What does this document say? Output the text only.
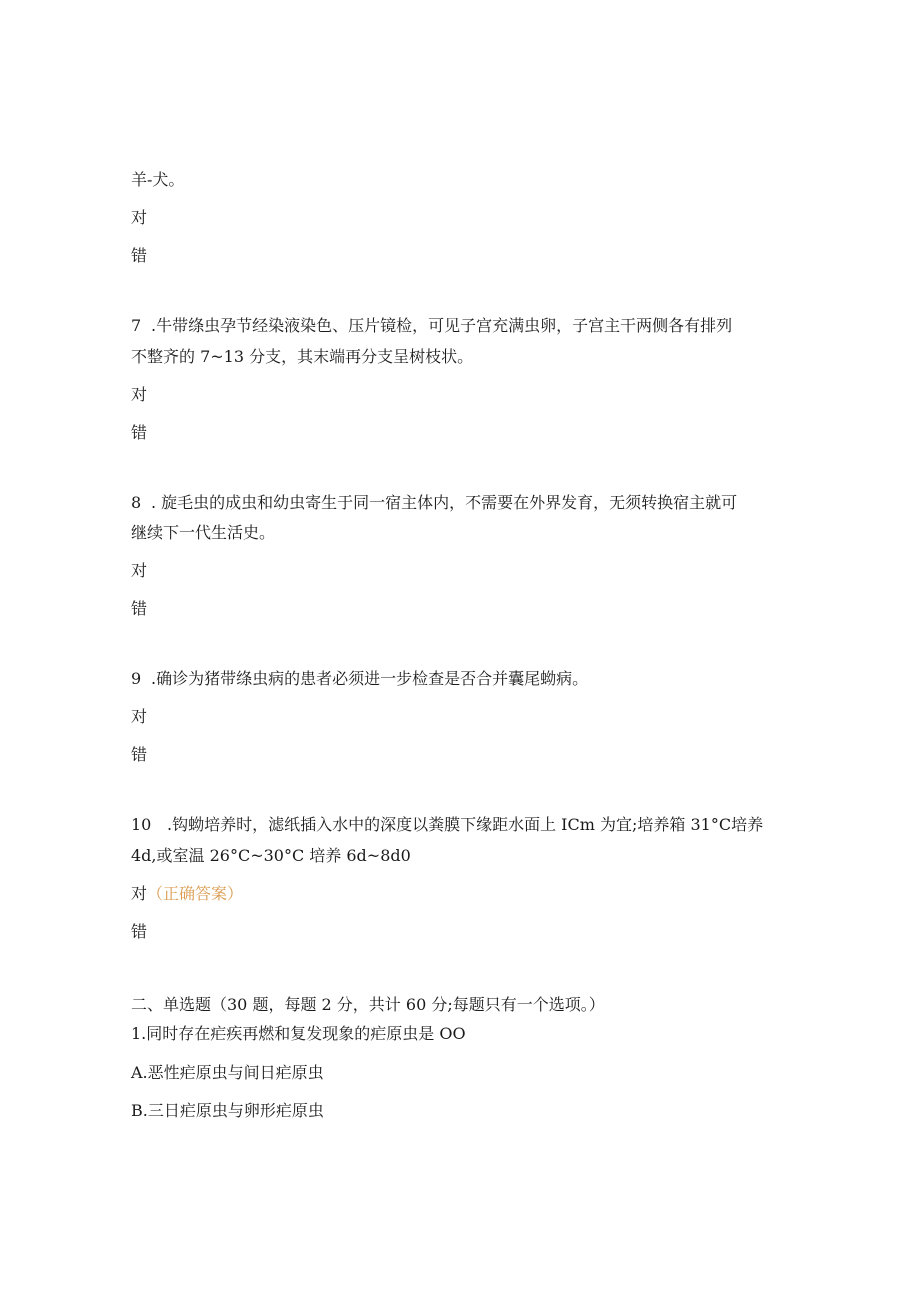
羊-犬。
对
错
7 .牛带绦虫孕节经染液染色、压片镜检，可见子宫充满虫卵，子宫主干两侧各有排列
不整齐的 7~13 分支，其末端再分支呈树枝状。
对
错
8 . 旋毛虫的成虫和幼虫寄生于同一宿主体内，不需要在外界发育，无须转换宿主就可
继续下一代生活史。
对
错
9 .确诊为猪带绦虫病的患者必须进一步检查是否合并囊尾蚴病。
对
错
10 .钩蚴培养时，滤纸插入水中的深度以粪膜下缘距水面上 ICm 为宜;培养箱 31°C培养
4d,或室温 26°C~30°C 培养 6d~8d0
对（正确答案）
错
二、单选题（30 题，每题 2 分，共计 60 分;每题只有一个选项。）
1.同时存在疟疾再燃和复发现象的疟原虫是 OO
A.恶性疟原虫与间日疟原虫
B.三日疟原虫与卵形疟原虫
